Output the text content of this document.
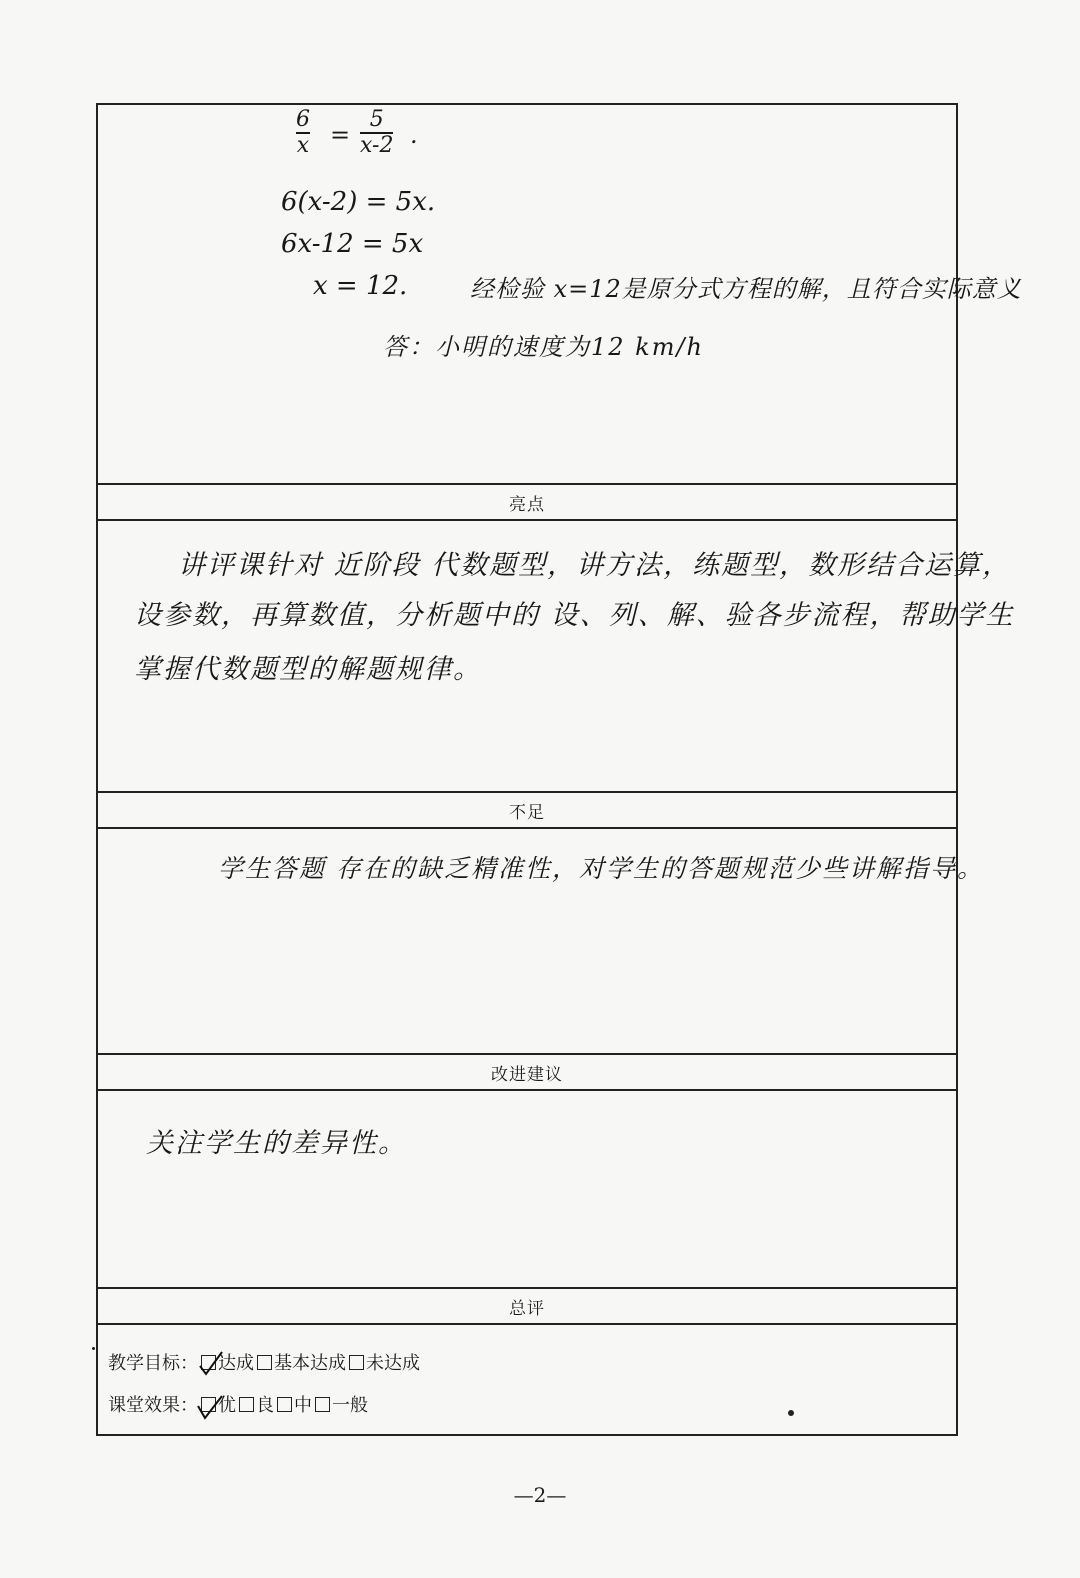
6
x =
5
x-2 .
6(x-2) = 5x.
6x-12 = 5x
x = 12.	经检验 x=12是原分式方程的解，且符合实际意义
答：小明的速度为12 km/h
亮点
讲评课针对 近阶段 代数题型，讲方法，练题型，数形结合运算，
设参数，再算数值，分析题中的 设、列、解、验各步流程，帮助学生
掌握代数题型的解题规律。
不足
学生答题 存在的缺乏精准性，对学生的答题规范少些讲解指导。
改进建议
关注学生的差异性。
总评
教学目标： 达成 基本达成 未达成
课堂效果： 优 良 中 一般
—2—
